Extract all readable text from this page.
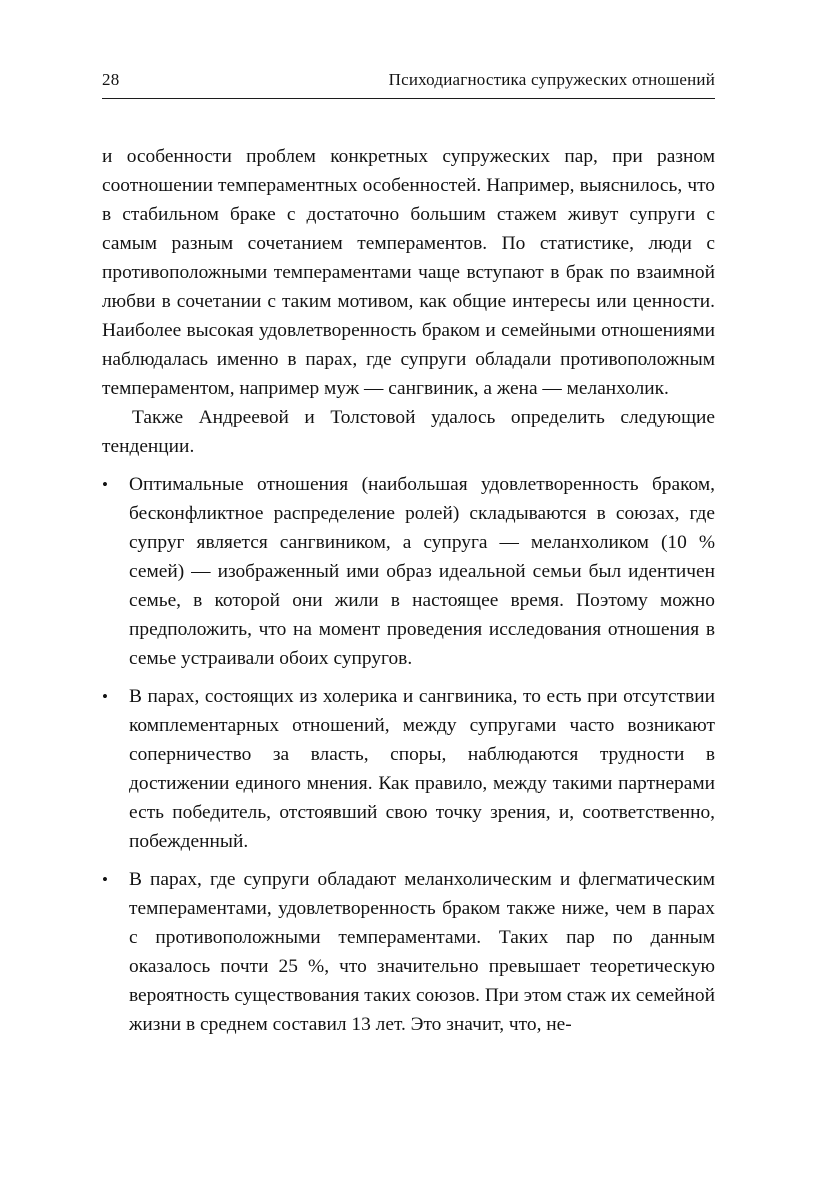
28	Психодиагностика супружеских отношений

и особенности проблем конкретных супружеских пар, при разном соотношении темпераментных особенностей. Например, выяснилось, что в стабильном браке с достаточно большим стажем живут супруги с самым разным сочетанием темпераментов. По статистике, люди с противоположными темпераментами чаще вступают в брак по взаимной любви в сочетании с таким мотивом, как общие интересы или ценности. Наиболее высокая удовлетворенность браком и семейными отношениями наблюдалась именно в парах, где супруги обладали противоположным темпераментом, например муж — сангвиник, а жена — меланхолик.

Также Андреевой и Толстовой удалось определить следующие тенденции.

•	Оптимальные отношения (наибольшая удовлетворенность браком, бесконфликтное распределение ролей) складываются в союзах, где супруг является сангвиником, а супруга — меланхоликом (10 % семей) — изображенный ими образ идеальной семьи был идентичен семье, в которой они жили в настоящее время. Поэтому можно предположить, что на момент проведения исследования отношения в семье устраивали обоих супругов.
•	В парах, состоящих из холерика и сангвиника, то есть при отсутствии комплементарных отношений, между супругами часто возникают соперничество за власть, споры, наблюдаются трудности в достижении единого мнения. Как правило, между такими партнерами есть победитель, отстоявший свою точку зрения, и, соответственно, побежденный.
•	В парах, где супруги обладают меланхолическим и флегматическим темпераментами, удовлетворенность браком также ниже, чем в парах с противоположными темпераментами. Таких пар по данным оказалось почти 25 %, что значительно превышает теоретическую вероятность существования таких союзов. При этом стаж их семейной жизни в среднем составил 13 лет. Это значит, что, не-
